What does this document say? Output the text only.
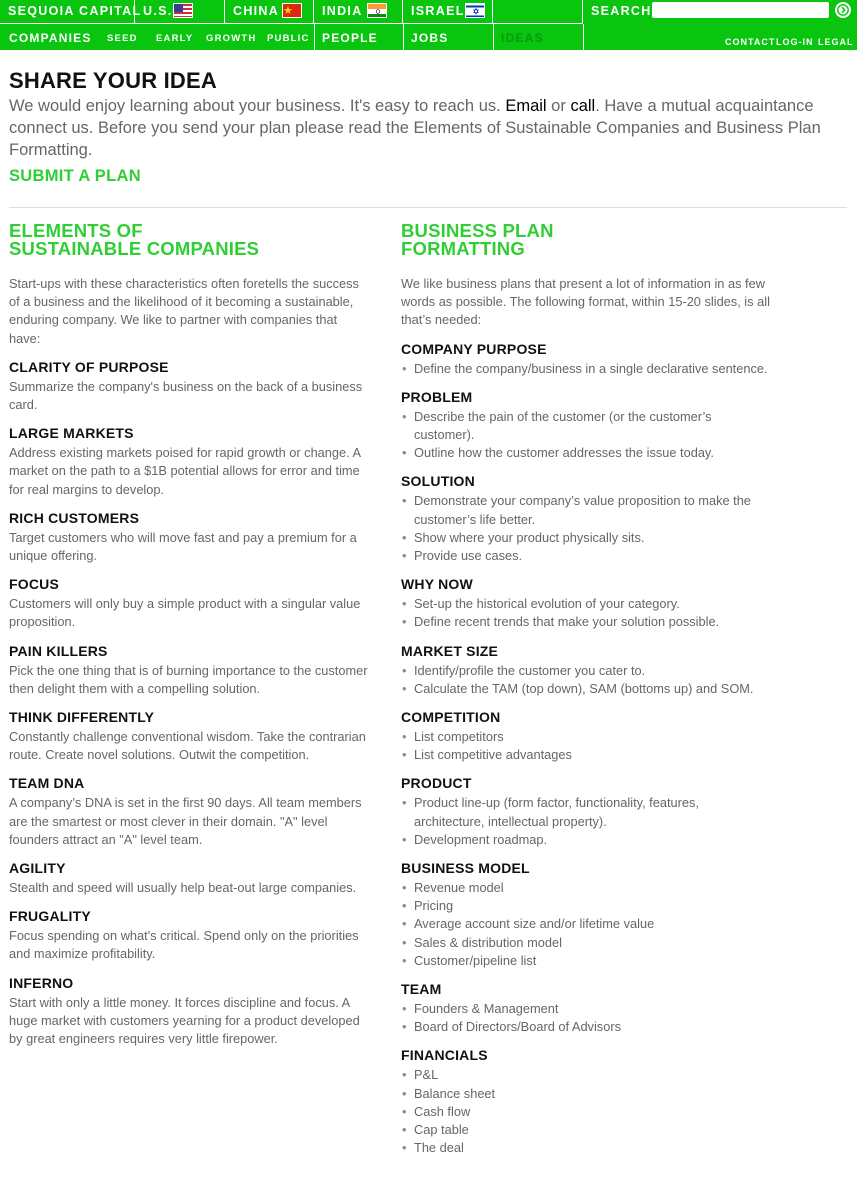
SEQUOIA CAPITAL U.S.	CHINA	INDIA	ISRAEL	SEARCH
COMPANIES SEED EARLY GROWTH PUBLIC PEOPLE	JOBS	IDEAS	CONTACT LOG-IN LEGAL
SHARE YOUR IDEA

We would enjoy learning about your business. It's easy to reach us. Email or call. Have a mutual acquaintance connect us. Before you send your plan please read the Elements of Sustainable Companies and Business Plan Formatting.

SUBMIT A PLAN
ELEMENTS OF
SUSTAINABLE COMPANIES

Start-ups with these characteristics often foretells the success of a business and the likelihood of it becoming a sustainable, enduring company. We like to partner with companies that have:

CLARITY OF PURPOSE

Summarize the company's business on the back of a business card.

LARGE MARKETS

Address existing markets poised for rapid growth or change. A market on the path to a $1B potential allows for error and time for real margins to develop.

RICH CUSTOMERS

Target customers who will move fast and pay a premium for a unique offering.

FOCUS

Customers will only buy a simple product with a singular value proposition.

PAIN KILLERS

Pick the one thing that is of burning importance to the customer then delight them with a compelling solution.

THINK DIFFERENTLY

Constantly challenge conventional wisdom. Take the contrarian route. Create novel solutions. Outwit the competition.

TEAM DNA

A company’s DNA is set in the first 90 days. All team members are the smartest or most clever in their domain. "A" level founders attract an "A" level team.

AGILITY

Stealth and speed will usually help beat-out large companies.

FRUGALITY

Focus spending on what's critical. Spend only on the priorities and maximize profitability.

INFERNO

Start with only a little money. It forces discipline and focus. A huge market with customers yearning for a product developed by great engineers requires very little firepower.

BUSINESS PLAN
FORMATTING

We like business plans that present a lot of information in as few words as possible. The following format, within 15-20 slides, is all that’s needed:

COMPANY PURPOSE
• Define the company/business in a single declarative sentence.
PROBLEM
• Describe the pain of the customer (or the customer’s customer).
• Outline how the customer addresses the issue today.
SOLUTION
• Demonstrate your company’s value proposition to make the customer’s life better.
• Show where your product physically sits.
• Provide use cases.
WHY NOW
• Set-up the historical evolution of your category.
• Define recent trends that make your solution possible.
MARKET SIZE
• Identify/profile the customer you cater to.
• Calculate the TAM (top down), SAM (bottoms up) and SOM.
COMPETITION
• List competitors
• List competitive advantages
PRODUCT
• Product line-up (form factor, functionality, features, architecture, intellectual property).
• Development roadmap.
BUSINESS MODEL
• Revenue model
• Pricing
• Average account size and/or lifetime value
• Sales & distribution model
• Customer/pipeline list
TEAM
• Founders & Management
• Board of Directors/Board of Advisors
FINANCIALS
• P&L
• Balance sheet
• Cash flow
• Cap table
• The deal
